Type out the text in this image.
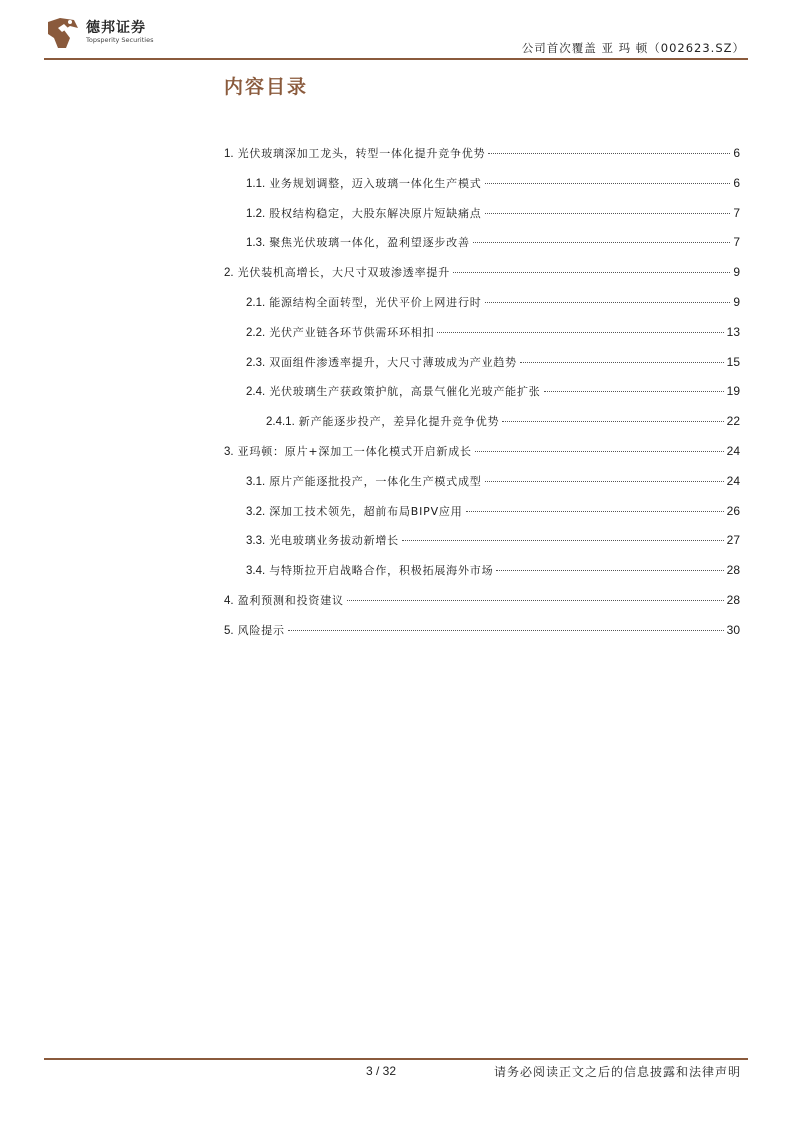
德邦证券
Topsperity Securities
公司首次覆盖 亚 玛 顿（002623.SZ）
内容目录
1. 光伏玻璃深加工龙头，转型一体化提升竞争优势	6
1.1. 业务规划调整，迈入玻璃一体化生产模式	6
1.2. 股权结构稳定，大股东解决原片短缺痛点	7
1.3. 聚焦光伏玻璃一体化，盈利望逐步改善	7
2. 光伏装机高增长，大尺寸双玻渗透率提升	9
2.1. 能源结构全面转型，光伏平价上网进行时	9
2.2. 光伏产业链各环节供需环环相扣	13
2.3. 双面组件渗透率提升，大尺寸薄玻成为产业趋势	15
2.4. 光伏玻璃生产获政策护航，高景气催化光玻产能扩张	19
2.4.1. 新产能逐步投产，差异化提升竞争优势	22
3. 亚玛顿：原片+深加工一体化模式开启新成长	24
3.1. 原片产能逐批投产，一体化生产模式成型	24
3.2. 深加工技术领先，超前布局BIPV应用	26
3.3. 光电玻璃业务拔动新增长	27
3.4. 与特斯拉开启战略合作，积极拓展海外市场	28
4. 盈利预测和投资建议	28
5. 风险提示	30
3 / 32	请务必阅读正文之后的信息披露和法律声明
